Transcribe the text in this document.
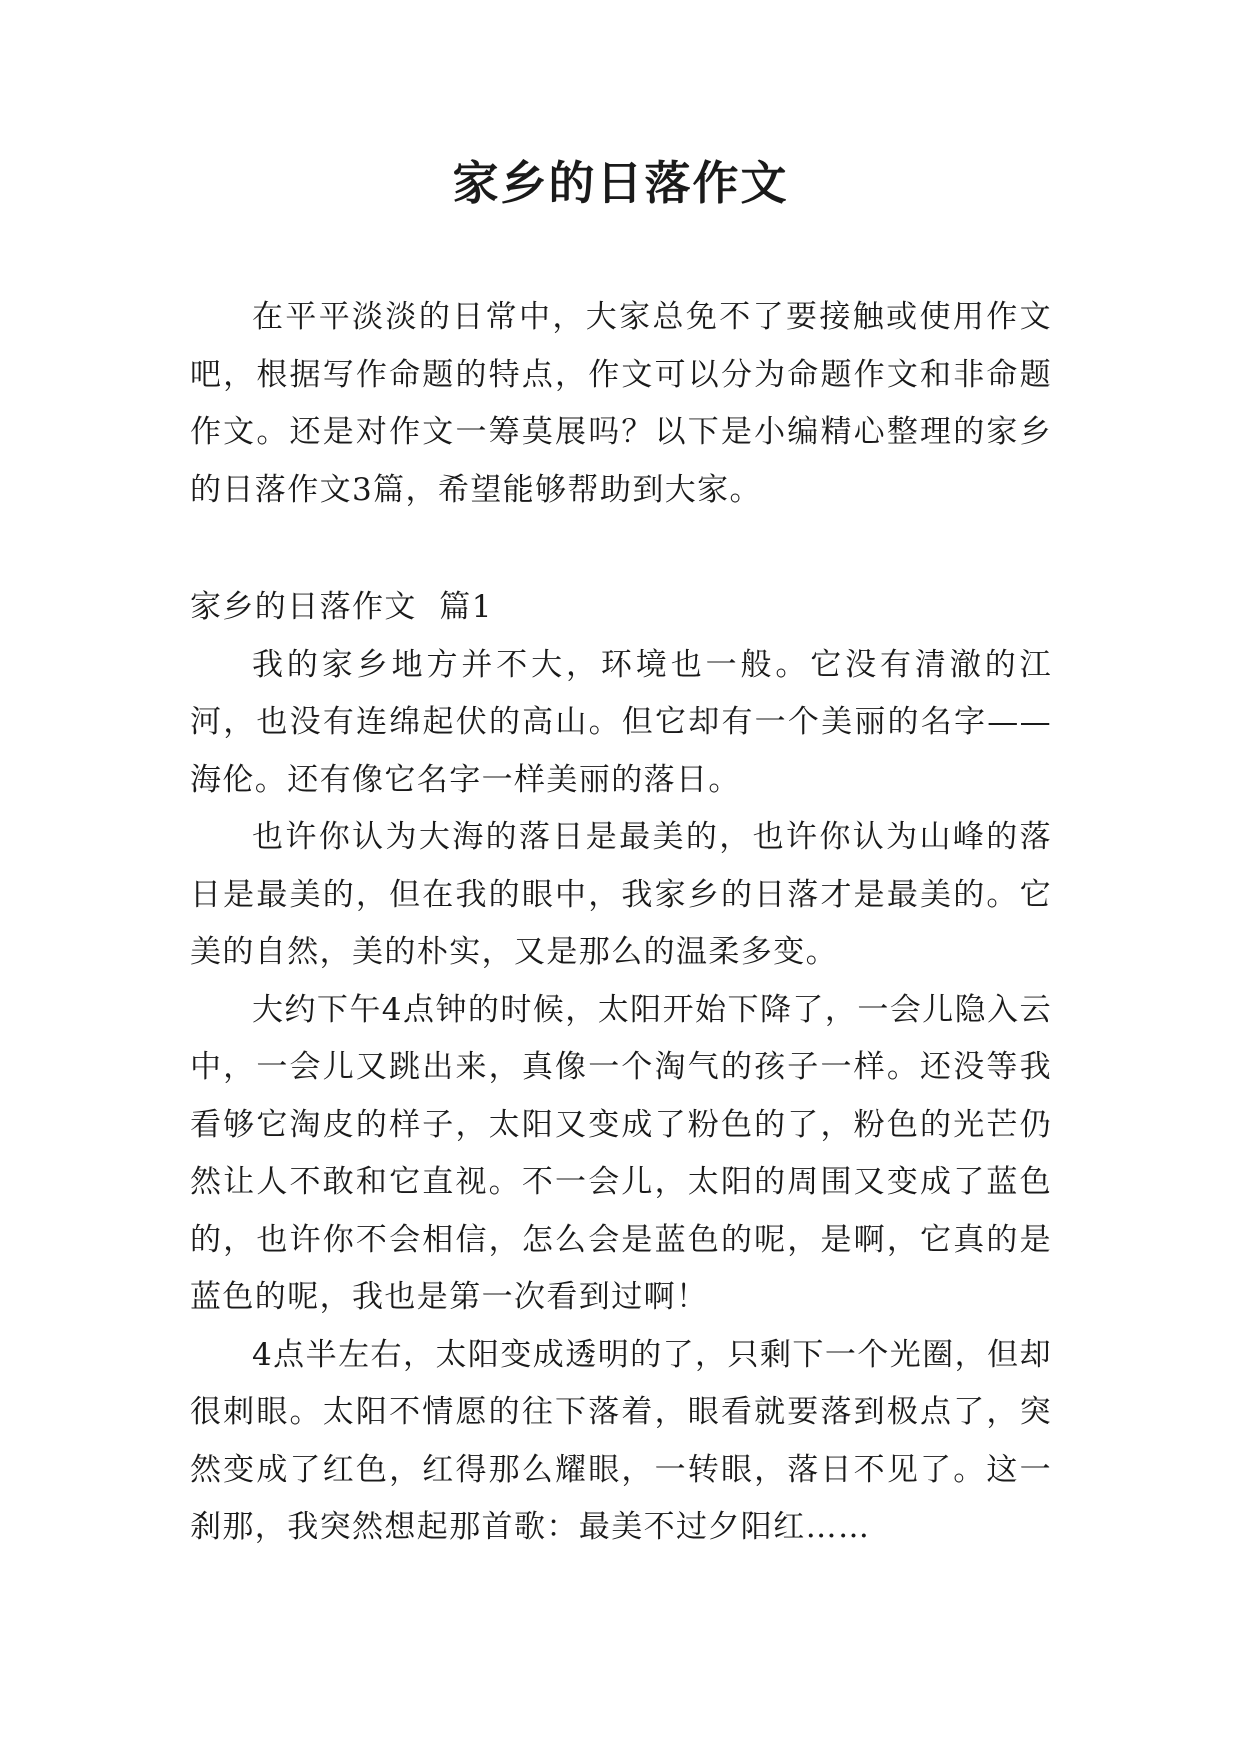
家乡的日落作文

在平平淡淡的日常中，大家总免不了要接触或使用作文吧，根据写作命题的特点，作文可以分为命题作文和非命题作文。还是对作文一筹莫展吗？以下是小编精心整理的家乡的日落作文3篇，希望能够帮助到大家。

家乡的日落作文  篇1

我的家乡地方并不大，环境也一般。它没有清澈的江河，也没有连绵起伏的高山。但它却有一个美丽的名字——海伦。还有像它名字一样美丽的落日。

也许你认为大海的落日是最美的，也许你认为山峰的落日是最美的，但在我的眼中，我家乡的日落才是最美的。它美的自然，美的朴实，又是那么的温柔多变。

大约下午4点钟的时候，太阳开始下降了，一会儿隐入云中，一会儿又跳出来，真像一个淘气的孩子一样。还没等我看够它淘皮的样子，太阳又变成了粉色的了，粉色的光芒仍然让人不敢和它直视。不一会儿，太阳的周围又变成了蓝色的，也许你不会相信，怎么会是蓝色的呢，是啊，它真的是蓝色的呢，我也是第一次看到过啊！

4点半左右，太阳变成透明的了，只剩下一个光圈，但却很刺眼。太阳不情愿的往下落着，眼看就要落到极点了，突然变成了红色，红得那么耀眼，一转眼，落日不见了。这一刹那，我突然想起那首歌：最美不过夕阳红……
